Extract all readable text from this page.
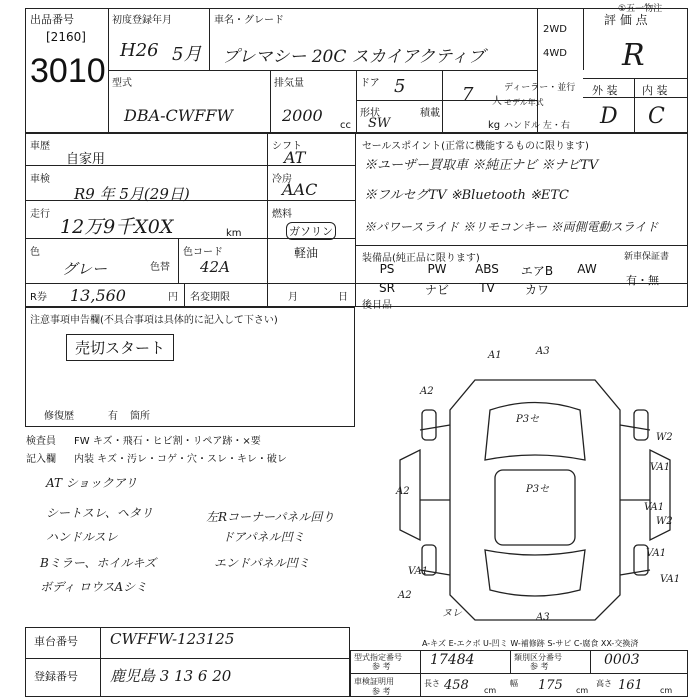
①五一物注
出品番号
[2160]
3010
初度登録年月
H26 5月
車名・グレード
プレマシー 20C スカイアクティブ
2WD
4WD
評 価 点
R
外 装 内 装
D C
型式
DBA-CWFFW
排気量
2000
cc
ドア 5
形状
SW
積載
7 人
kg
ディーラー・並行
モデル年式
ハンドル 左・右
車歴
自家用
シフト
AT
車検
R9 年 5月(29日)
冷房
AAC
走行
12万9千X0X	km
燃料
ガソリン
軽油
色
グレー	色替
色コード
42A
R券 13,560	円 名変期限	月	日
セールスポイント(正常に機能するものに限ります)
※ユーザー買取車 ※純正ナビ ※ナビTV
※フルセグTV ※Bluetooth ※ETC
※パワースライド ※リモコンキー ※両側電動スライド
装備品(純正品に限ります)	新車保証書
有・無
PS	PW	ABS	エアB	AW
SR	ナビ	TV	カワ
後日品
注意事項申告欄(不具合事項は具体的に記入して下さい)
売切スタート
修復歴	有 箇所
検査員 FW キズ・飛石・ヒビ割・リペア跡・×要
記入欄 内装 キズ・汚レ・コゲ・穴・スレ・キレ・破レ
AT ショックアリ
シートスレ、ヘタリ
ハンドルスレ
Bミラー、ホイルキズ
ボディ ロウスAシミ
左Rコーナーパネル回り
ドアパネル凹ミ
エンドパネル凹ミ
A1	A3
A2
P3セ
W2
VA1
A2	P3セ
VA1
W2
VA1
A2
VA1
ヌレ	A3
VA1
A-キズ E-エクボ U-凹ミ W-補修跡 S-サビ C-腐食 XX-交換済
車台番号 CWFFW-123125
登録番号 鹿児島 3 13 6 20
型式指定番号
参 考	17484	類別区分番号
参 考	0003
車検証明用
参 考
長さ 458 cm
幅 175 cm
高さ 161 cm
